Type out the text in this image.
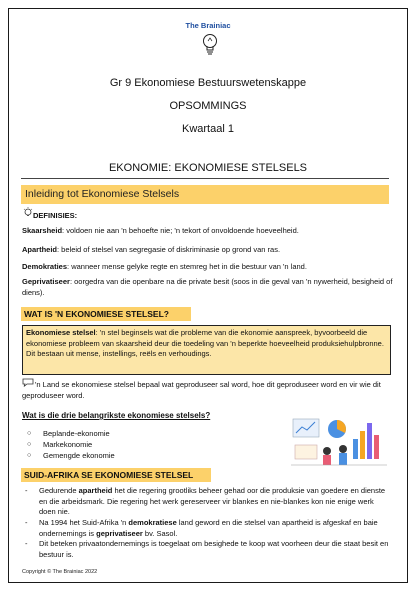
The Brainiac
Gr 9 Ekonomiese Bestuurswetenskappe
OPSOMMINGS
Kwartaal 1
EKONOMIE: EKONOMIESE STELSELS
Inleiding tot Ekonomiese Stelsels
DEFINISIES:
Skaarsheid: voldoen nie aan 'n behoefte nie; 'n tekort of onvoldoende hoeveelheid.
Apartheid: beleid of stelsel van segregasie of diskriminasie op grond van ras.
Demokraties: wanneer mense gelyke regte en stemreg het in die bestuur van 'n land.
Geprivatiseer: oorgedra van die openbare na die private besit (soos in die geval van 'n nywerheid, besigheid of diens).
WAT IS 'N EKONOMIESE STELSEL?
Ekonomiese stelsel: 'n stel beginsels wat die probleme van die ekonomie aanspreek, byvoorbeeld die ekonomiese probleem van skaarsheid deur die toedeling van 'n beperkte hoeveelheid produksiehulpbronne. Dit bestaan uit mense, instellings, reëls en verhoudings.
'n Land se ekonomiese stelsel bepaal wat geproduseer sal word, hoe dit geproduseer word en vir wie dit geproduseer word.
Wat is die drie belangrikste ekonomiese stelsels?
○ Beplande-ekonomie
○ Markekonomie
○ Gemengde ekonomie
SUID-AFRIKA SE EKONOMIESE STELSEL
- Gedurende apartheid het die regering grootliks beheer gehad oor die produksie van goedere en dienste en die arbeidsmark. Die regering het werk gereserveer vir blankes en nie-blankes kon nie enige werk doen nie.
- Na 1994 het Suid-Afrika 'n demokratiese land geword en die stelsel van apartheid is afgeskaf en baie ondernemings is geprivatiseer bv. Sasol.
- Dit beteken privaatondernemings is toegelaat om besighede te koop wat voorheen deur die staat besit en bestuur is.
Copyright © The Brainiac 2022
